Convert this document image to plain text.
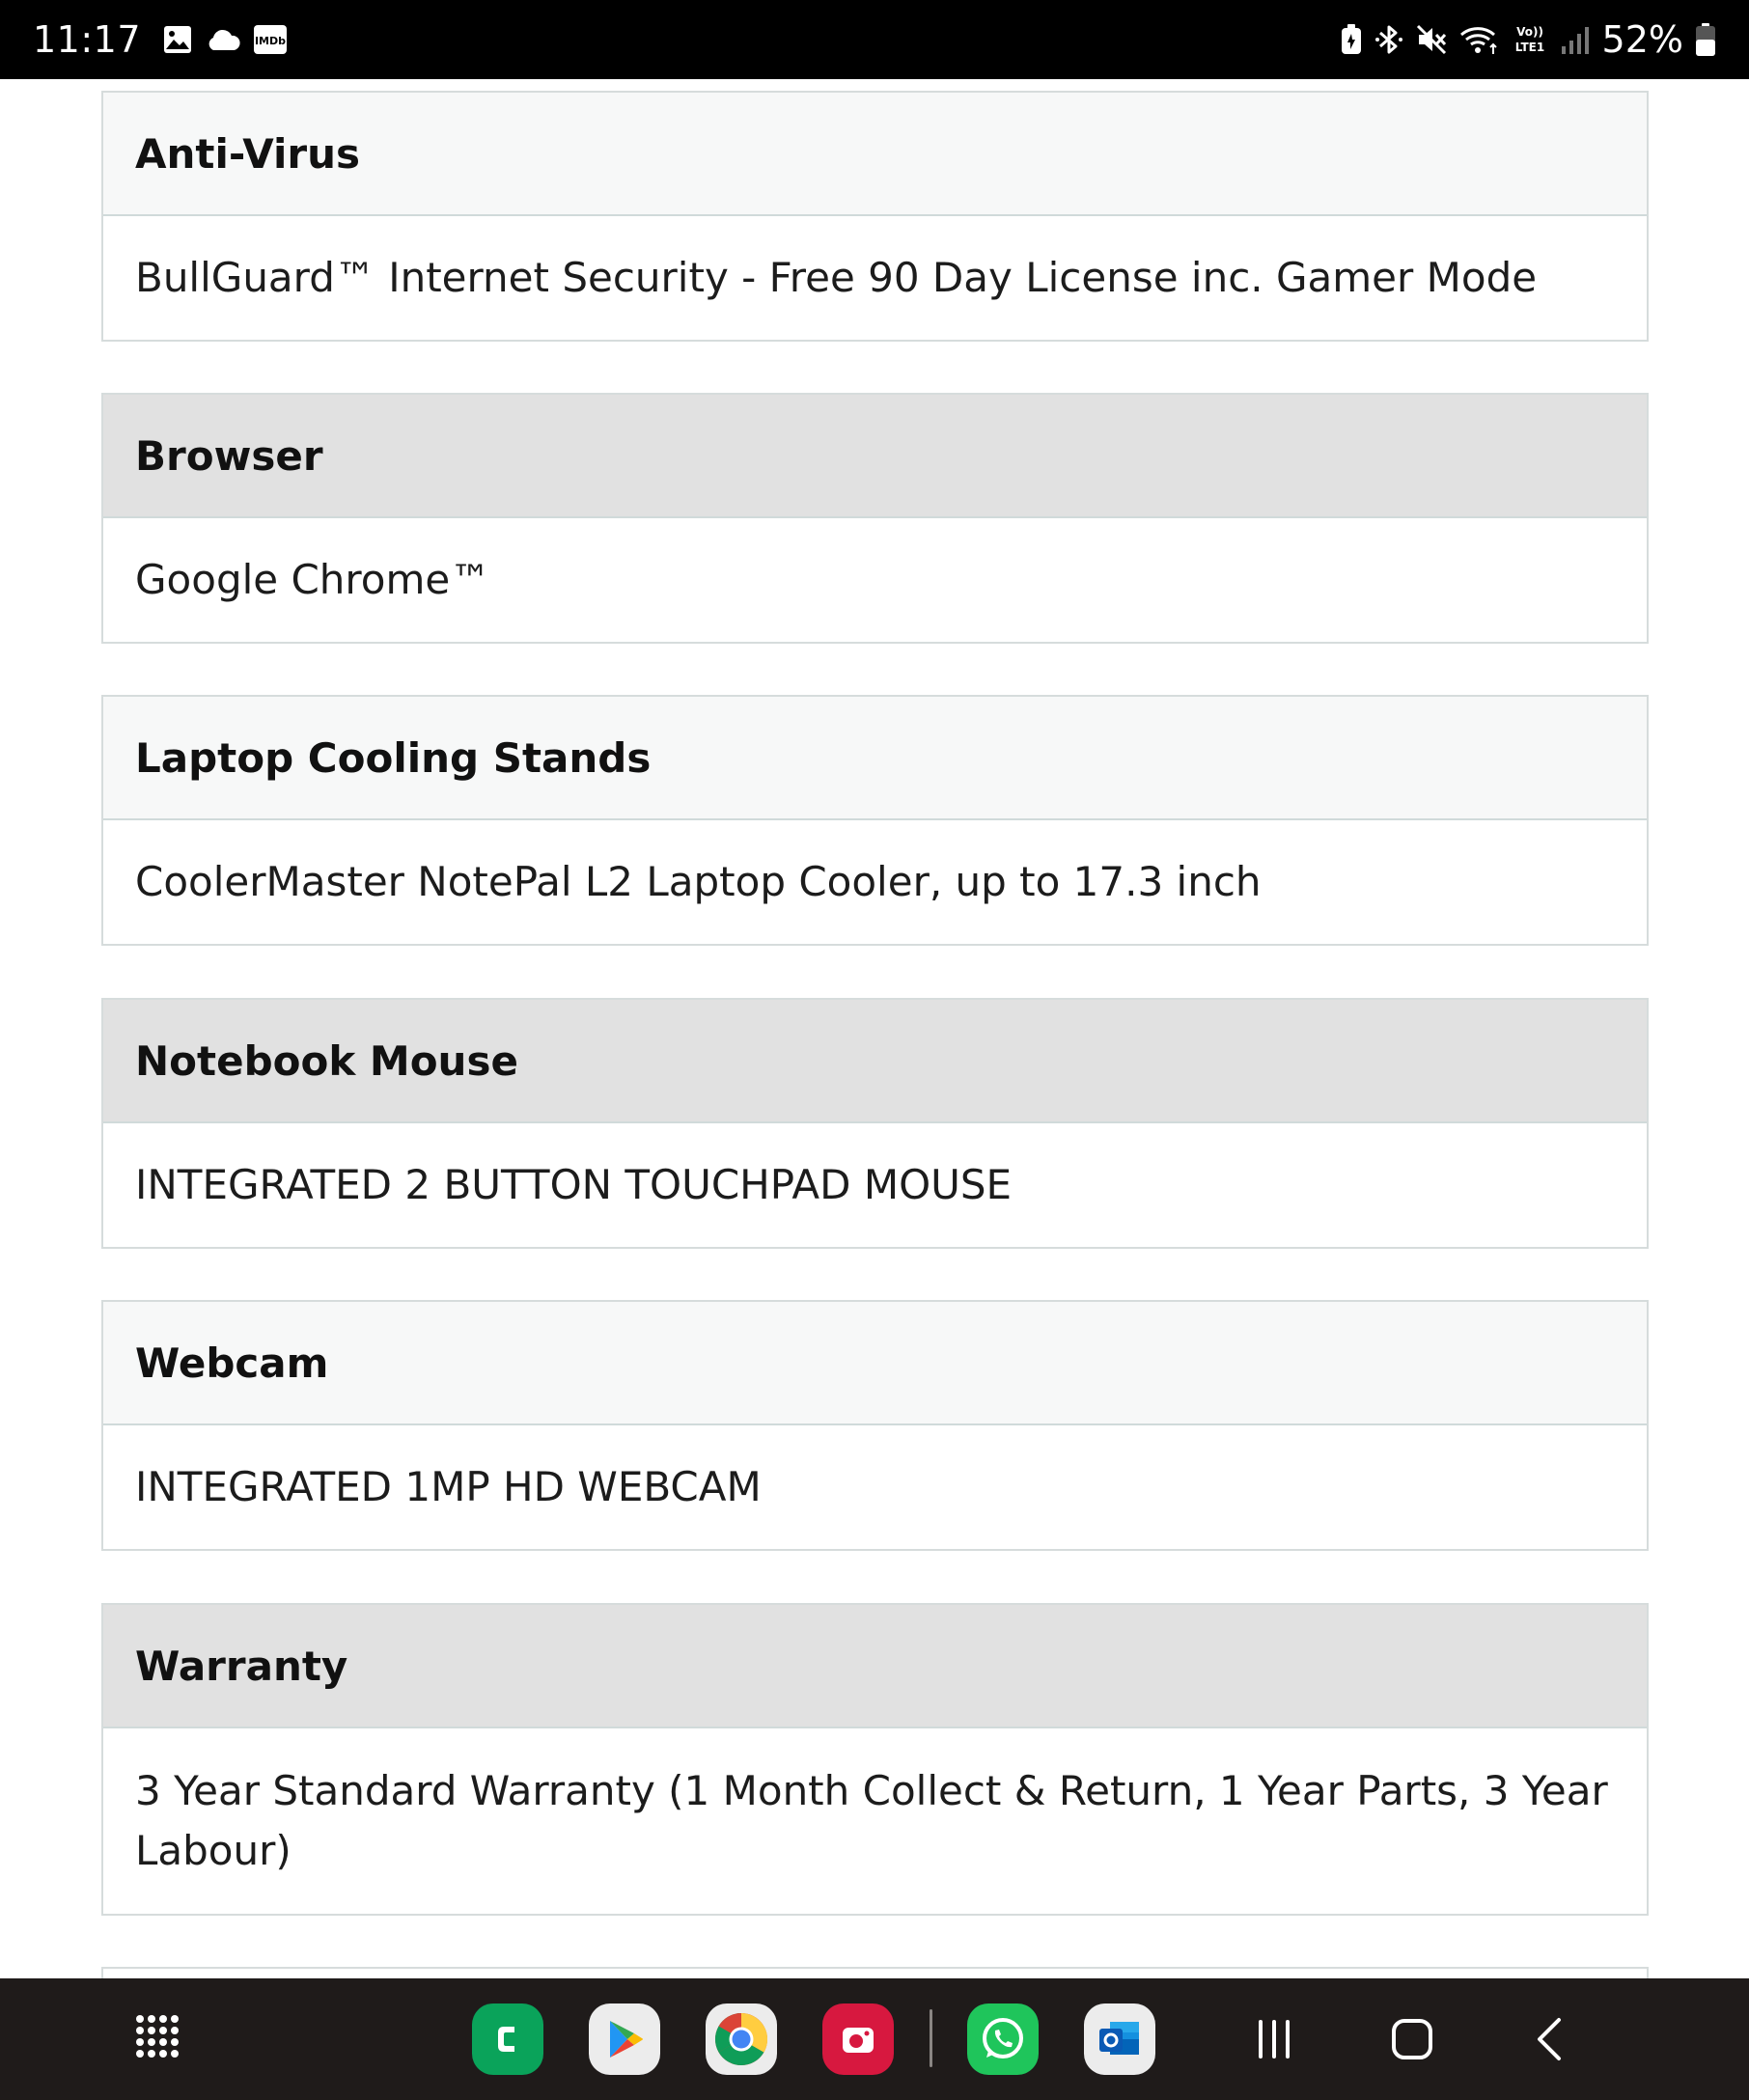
11:17	IMDb
Vo))
LTE1 52%
Anti-Virus
BullGuard™ Internet Security - Free 90 Day License inc. Gamer Mode
Browser
Google Chrome™
Laptop Cooling Stands
CoolerMaster NotePal L2 Laptop Cooler, up to 17.3 inch
Notebook Mouse
INTEGRATED 2 BUTTON TOUCHPAD MOUSE
Webcam
INTEGRATED 1MP HD WEBCAM
Warranty
3 Year Standard Warranty (1 Month Collect & Return, 1 Year Parts, 3 Year Labour)
